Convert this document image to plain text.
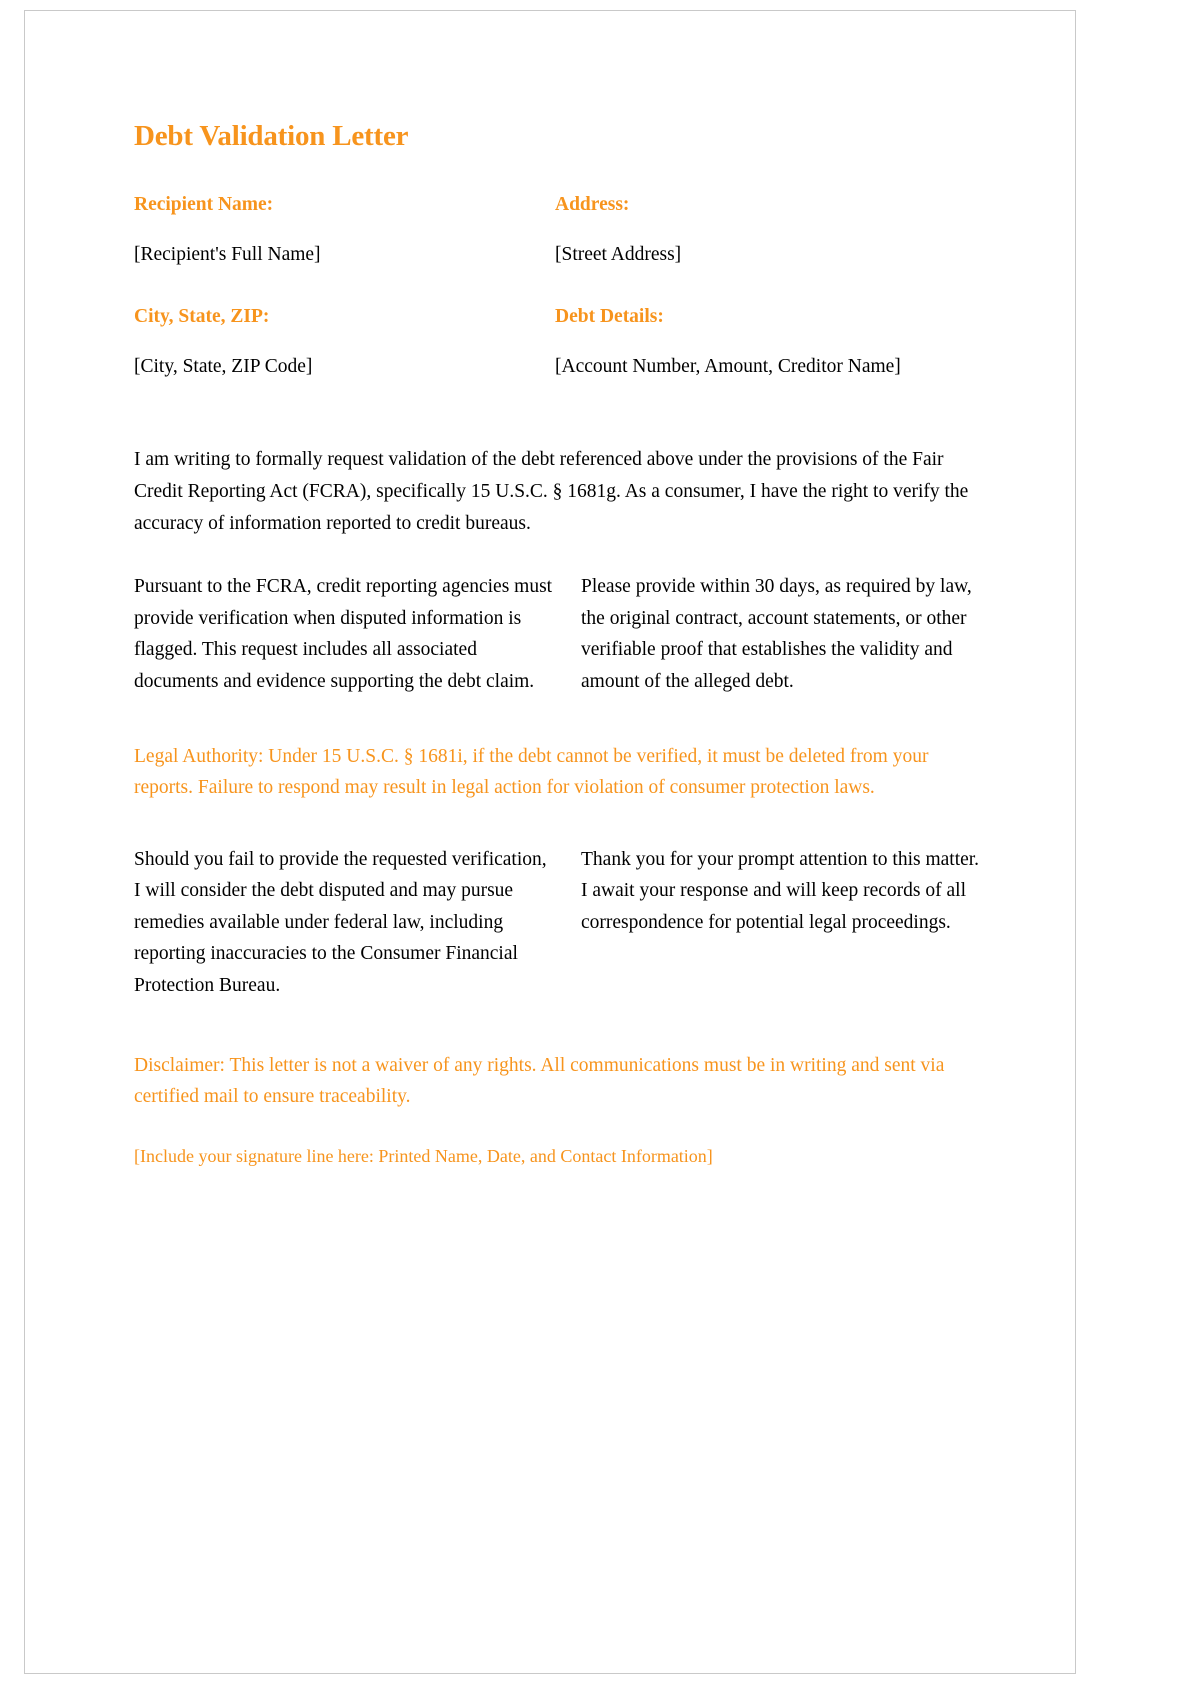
Debt Validation Letter
Recipient Name:
[Recipient's Full Name]
Address:
[Street Address]
City, State, ZIP:
[City, State, ZIP Code]
Debt Details:
[Account Number, Amount, Creditor Name]

I am writing to formally request validation of the debt referenced above under the provisions of the Fair Credit Reporting Act (FCRA), specifically 15 U.S.C. § 1681g. As a consumer, I have the right to verify the accuracy of information reported to credit bureaus.

Pursuant to the FCRA, credit reporting agencies must provide verification when disputed information is flagged. This request includes all associated documents and evidence supporting the debt claim.

Please provide within 30 days, as required by law, the original contract, account statements, or other verifiable proof that establishes the validity and amount of the alleged debt.

Legal Authority: Under 15 U.S.C. § 1681i, if the debt cannot be verified, it must be deleted from your reports. Failure to respond may result in legal action for violation of consumer protection laws.

Should you fail to provide the requested verification, I will consider the debt disputed and may pursue remedies available under federal law, including reporting inaccuracies to the Consumer Financial Protection Bureau.

Thank you for your prompt attention to this matter. I await your response and will keep records of all correspondence for potential legal proceedings.

Disclaimer: This letter is not a waiver of any rights. All communications must be in writing and sent via certified mail to ensure traceability.

[Include your signature line here: Printed Name, Date, and Contact Information]
